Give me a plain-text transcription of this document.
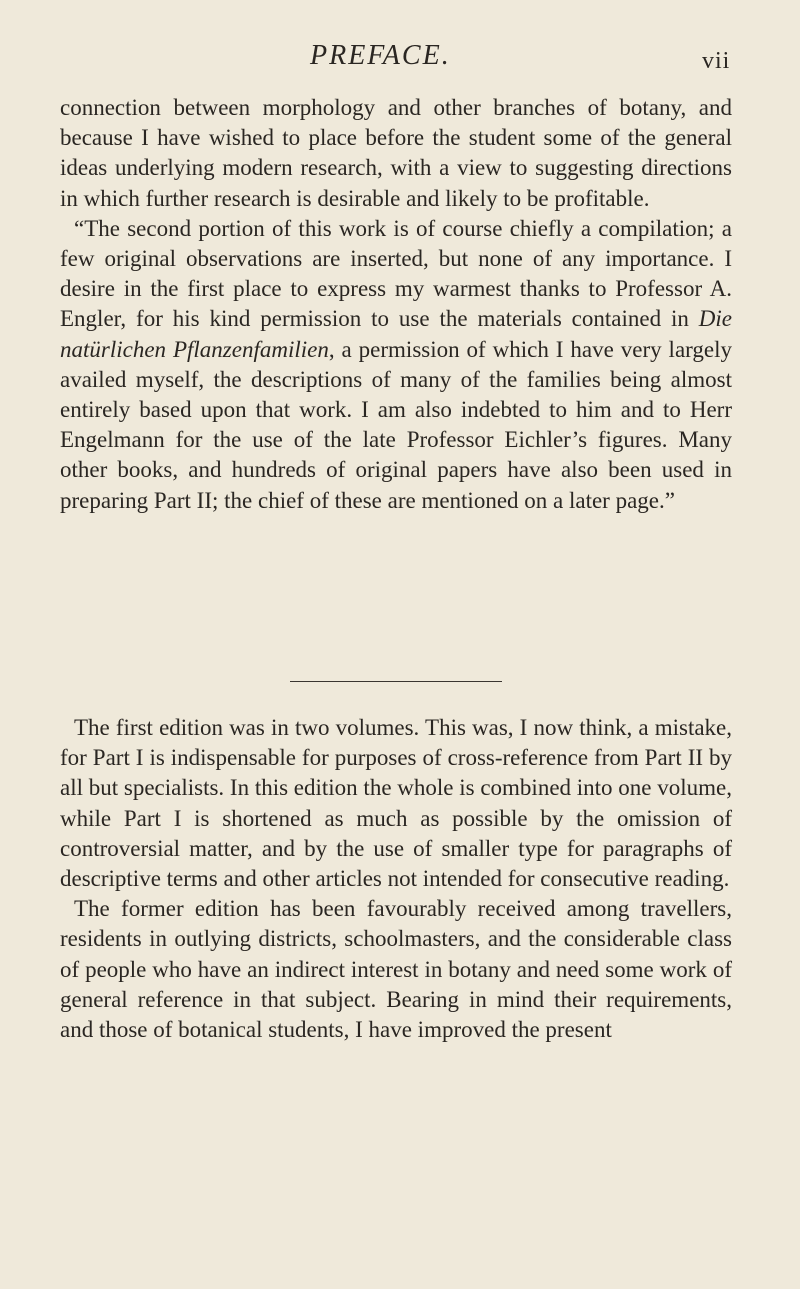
PREFACE.	vii

connection between morphology and other branches of botany, and because I have wished to place before the student some of the general ideas underlying modern research, with a view to suggesting directions in which further research is desirable and likely to be profitable.

“The second portion of this work is of course chiefly a compilation; a few original observations are inserted, but none of any importance. I desire in the first place to express my warmest thanks to Professor A. Engler, for his kind permission to use the materials contained in Die natürlichen Pflanzenfamilien, a permission of which I have very largely availed myself, the descriptions of many of the families being almost entirely based upon that work. I am also indebted to him and to Herr Engelmann for the use of the late Professor Eichler’s figures. Many other books, and hundreds of original papers have also been used in preparing Part II; the chief of these are mentioned on a later page.”

The first edition was in two volumes. This was, I now think, a mistake, for Part I is indispensable for purposes of cross-reference from Part II by all but specialists. In this edition the whole is combined into one volume, while Part I is shortened as much as possible by the omission of controversial matter, and by the use of smaller type for paragraphs of descriptive terms and other articles not intended for consecutive reading.

The former edition has been favourably received among travellers, residents in outlying districts, schoolmasters, and the considerable class of people who have an indirect interest in botany and need some work of general reference in that subject. Bearing in mind their requirements, and those of botanical students, I have improved the present
